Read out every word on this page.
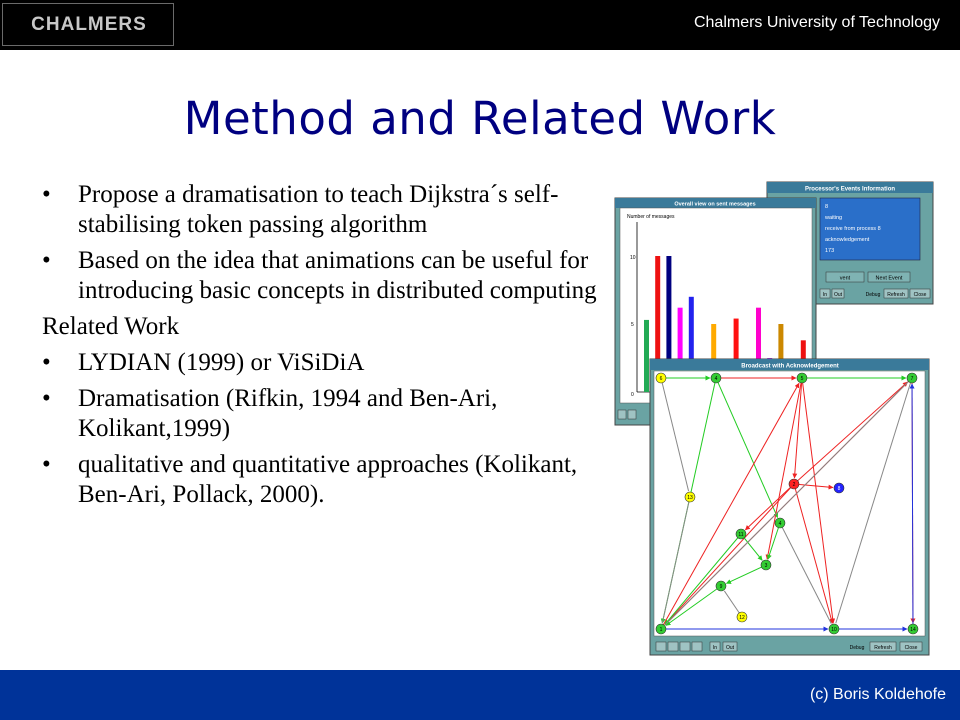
CHALMERS	Chalmers University of Technology
Method and Related Work
• Propose a dramatisation to teach Dijkstra´s self-stabilising token passing algorithm
• Based on the idea that animations can be useful for introducing basic concepts in distributed computing
Related Work
• LYDIAN (1999) or ViSiDiA
• Dramatisation (Rifkin, 1994 and Ben-Ari, Kolikant,1999)
• qualitative and quantitative approaches (Kolikant, Ben-Ari, Pollack, 2000).
Processor's Events Information
8
waiting
receive from process 8
acknowledgement
173
vent	Next Event
In Out	Debug Refresh Close
Overall view on sent messages
Number of messages
10
5
0
Broadcast with Acknowledgement
6	4	5	7
2
8
13
4
11
3
9
12
1	10	14
In Out	Debug Refresh	Close
(c) Boris Koldehofe
